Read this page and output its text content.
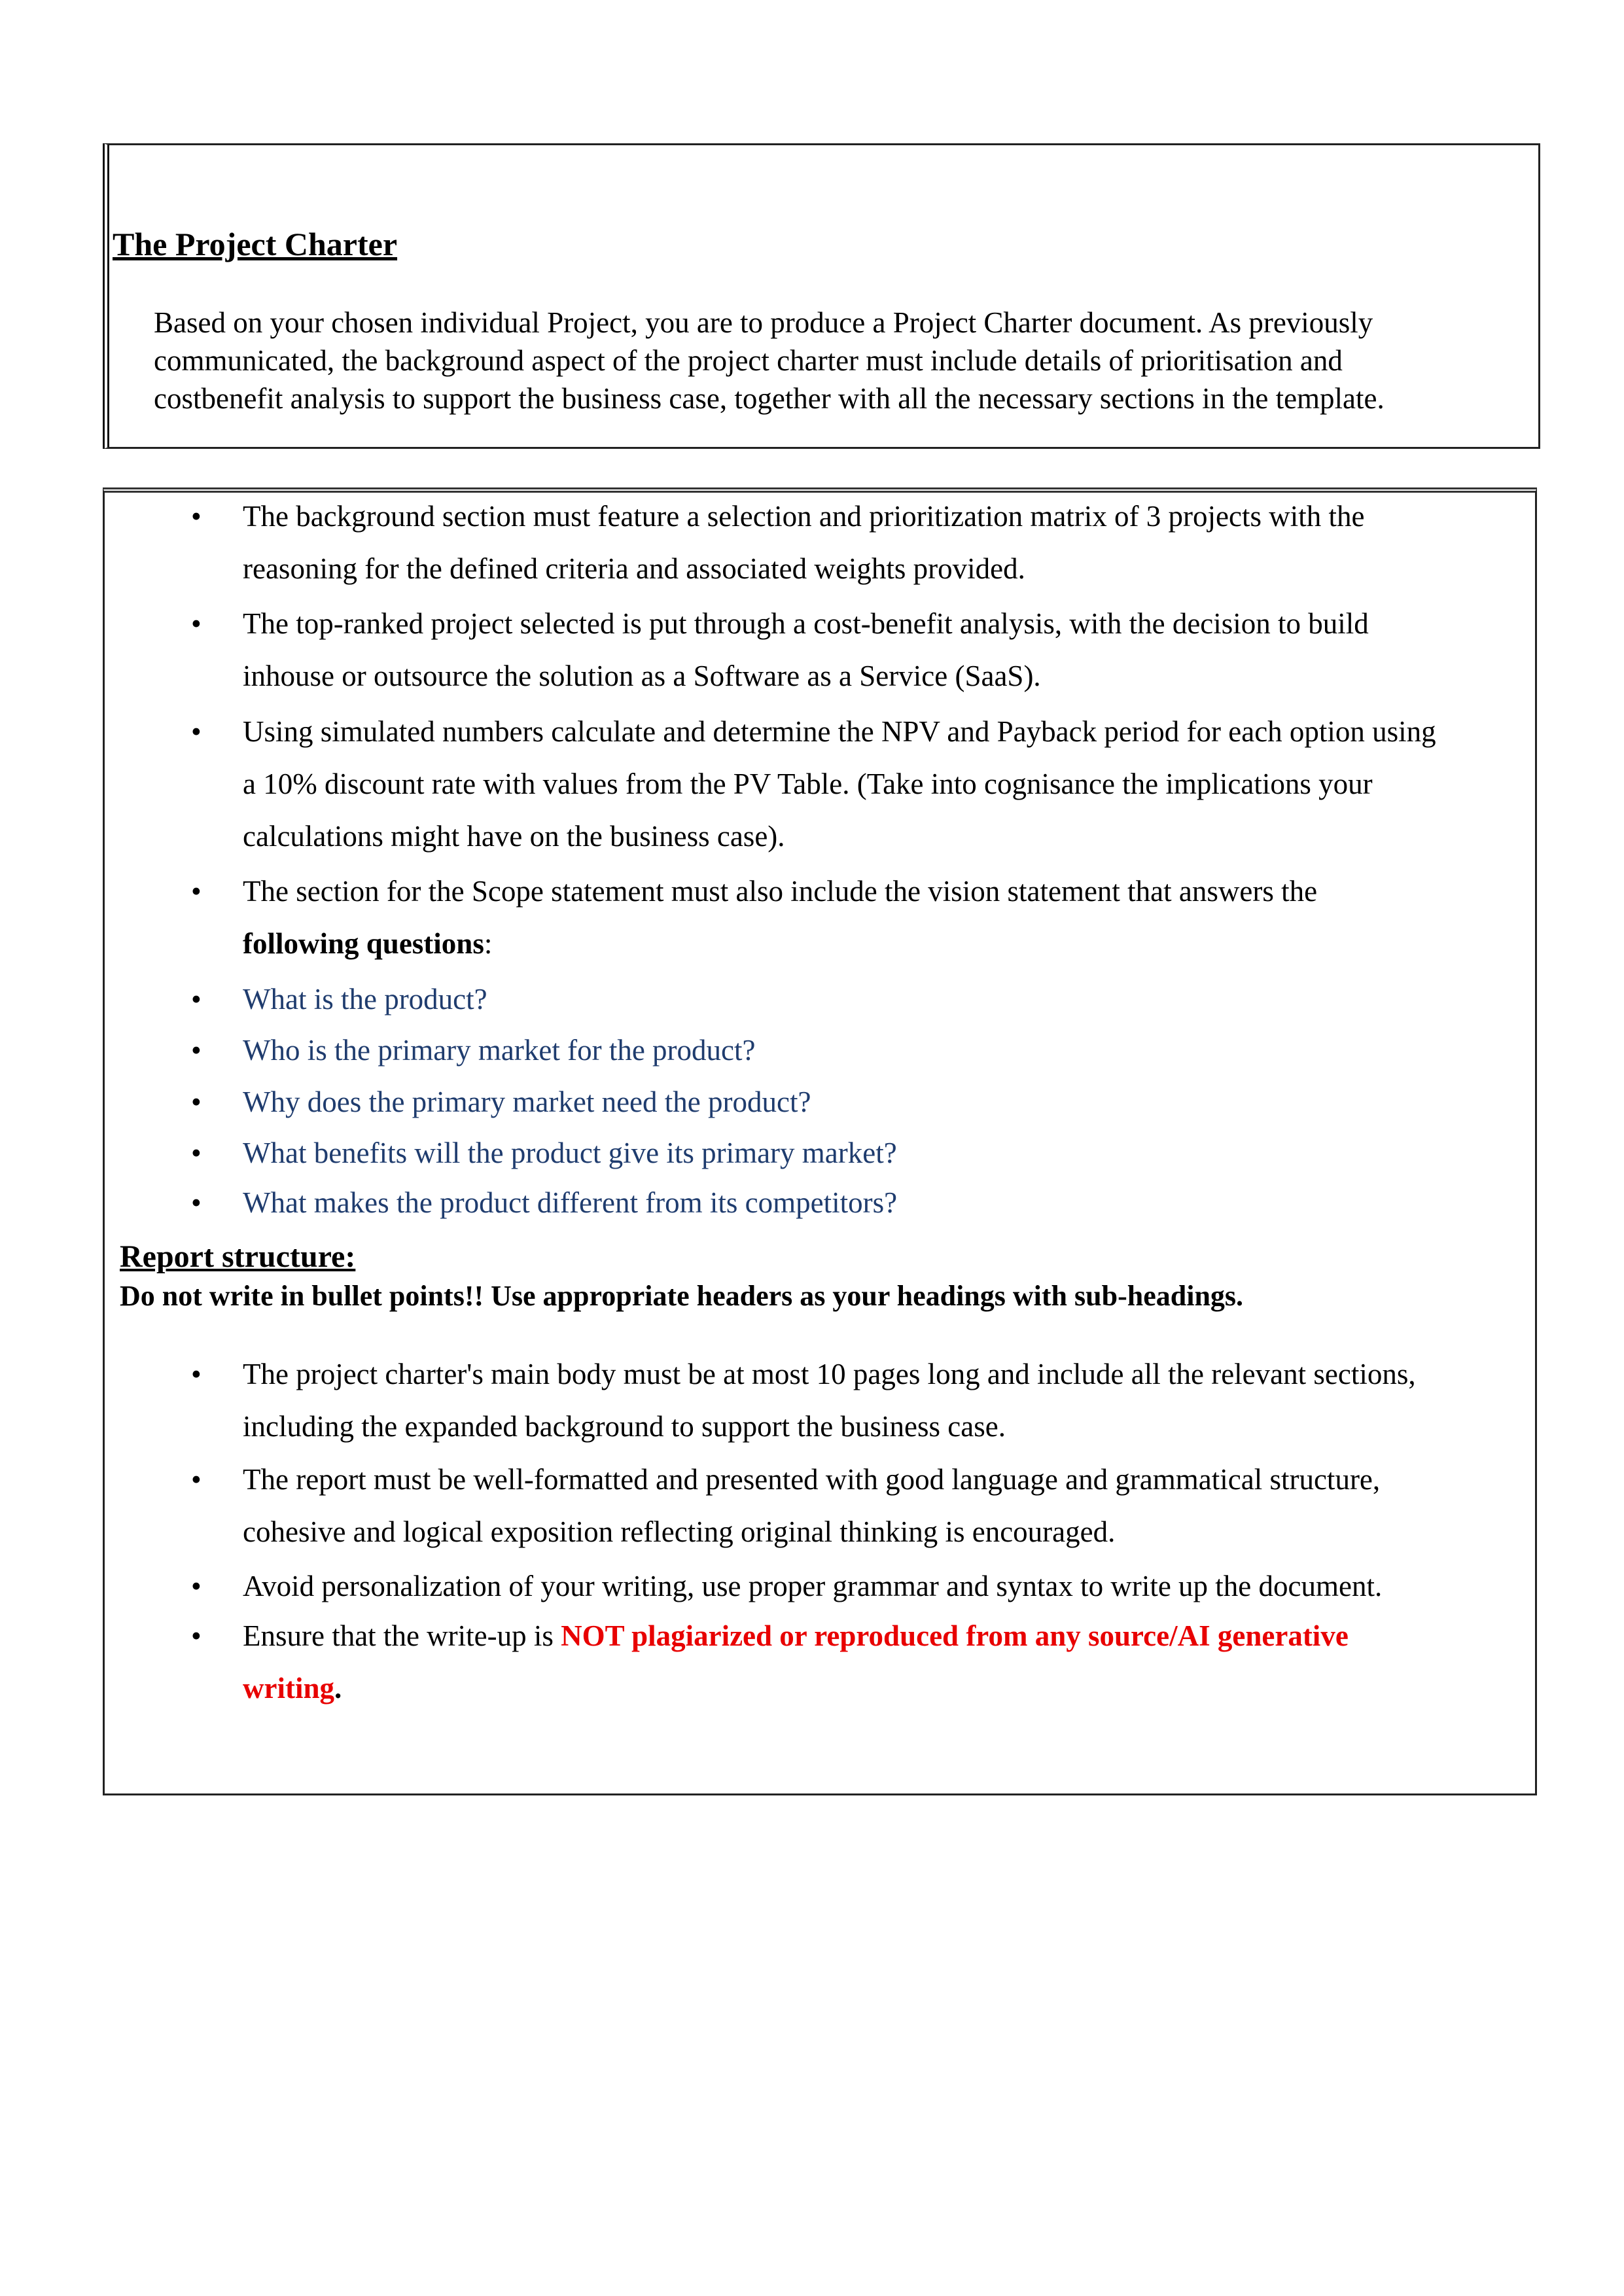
The Project Charter
Based on your chosen individual Project, you are to produce a Project Charter document. As previously
communicated, the background aspect of the project charter must include details of prioritisation and
costbenefit analysis to support the business case, together with all the necessary sections in the template.
• The background section must feature a selection and prioritization matrix of 3 projects with the
reasoning for the defined criteria and associated weights provided.
• The top-ranked project selected is put through a cost-benefit analysis, with the decision to build
inhouse or outsource the solution as a Software as a Service (SaaS).
• Using simulated numbers calculate and determine the NPV and Payback period for each option using
a 10% discount rate with values from the PV Table. (Take into cognisance the implications your
calculations might have on the business case).
• The section for the Scope statement must also include the vision statement that answers the
following questions:
• What is the product?
• Who is the primary market for the product?
• Why does the primary market need the product?
• What benefits will the product give its primary market?
• What makes the product different from its competitors?
Report structure:
Do not write in bullet points!! Use appropriate headers as your headings with sub-headings.
• The project charter's main body must be at most 10 pages long and include all the relevant sections,
including the expanded background to support the business case.
• The report must be well-formatted and presented with good language and grammatical structure,
cohesive and logical exposition reflecting original thinking is encouraged.
• Avoid personalization of your writing, use proper grammar and syntax to write up the document.
• Ensure that the write-up is NOT plagiarized or reproduced from any source/AI generative
writing.
